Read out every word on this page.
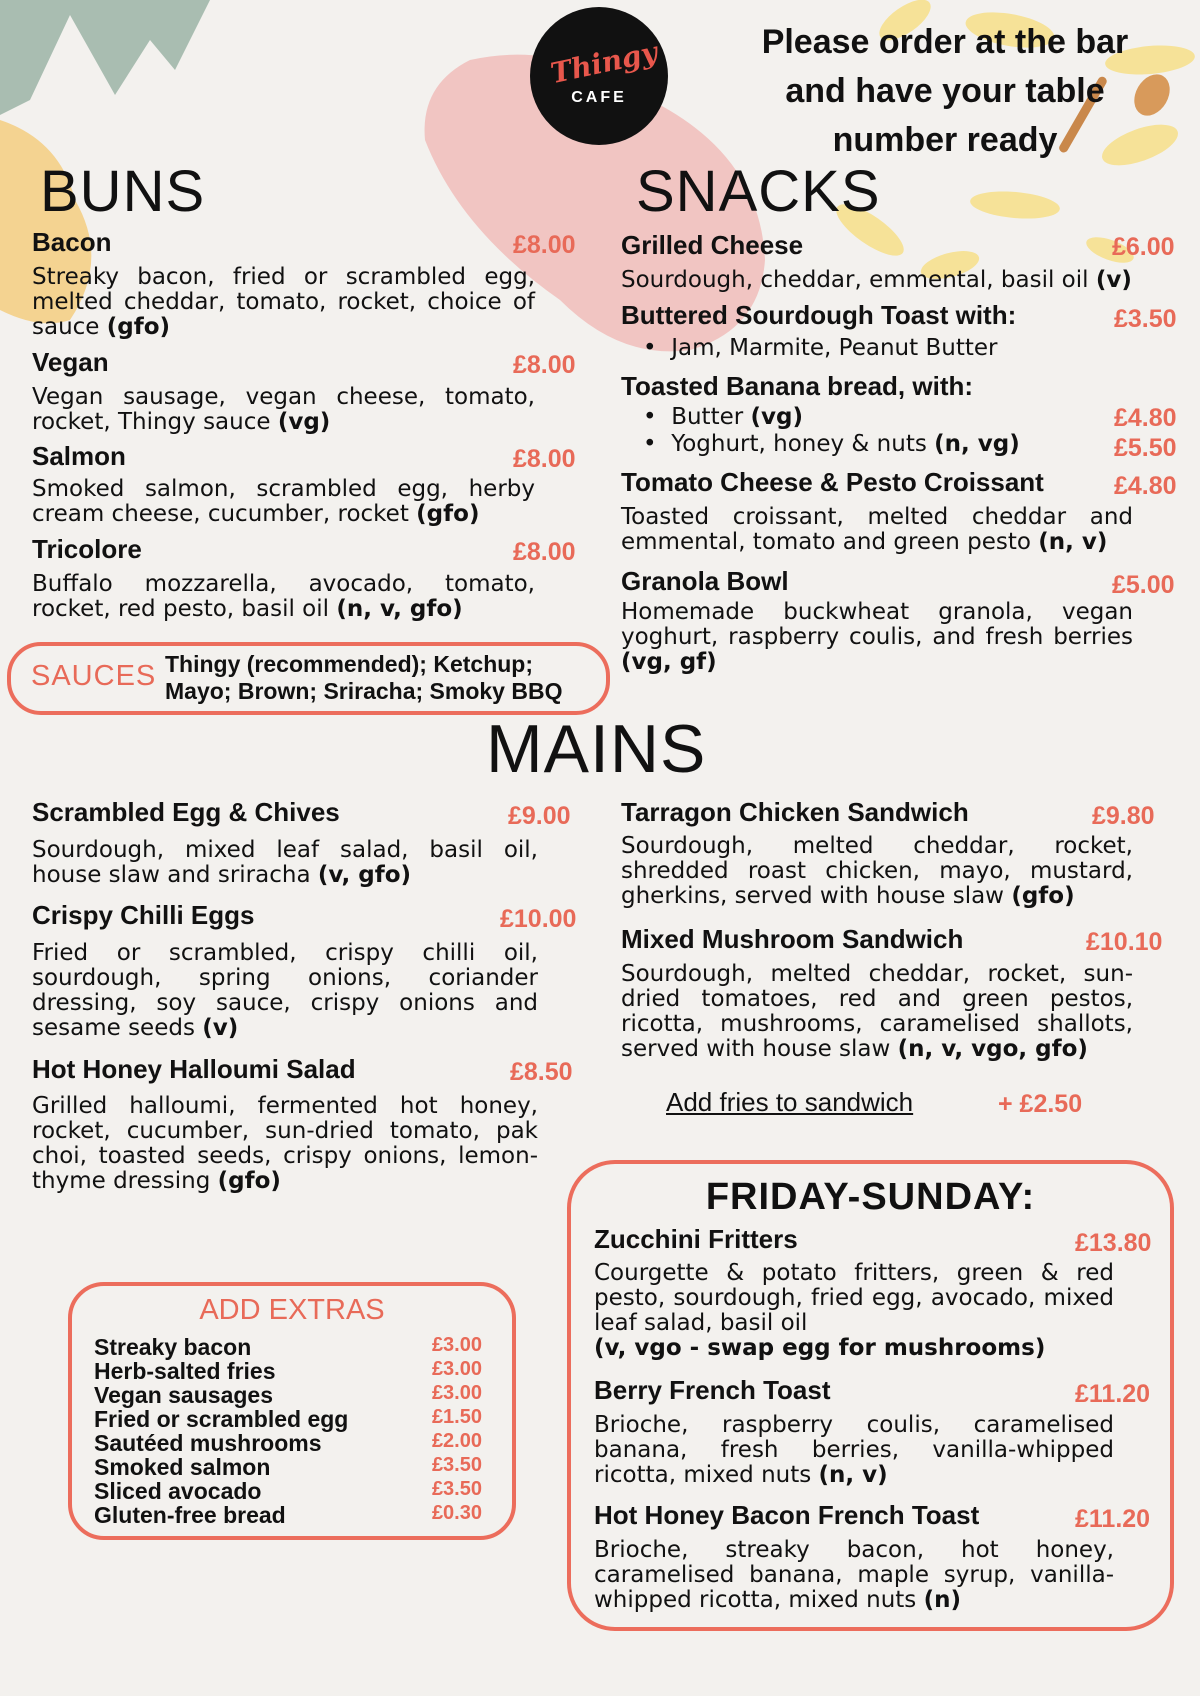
Thingy
CAFE
Please order at the bar and have your table number ready
BUNS
Bacon	£8.00
Streaky bacon, fried or scrambled egg, melted cheddar, tomato, rocket, choice of sauce (gfo)
Vegan	£8.00
Vegan sausage, vegan cheese, tomato, rocket, Thingy sauce (vg)
Salmon	£8.00
Smoked salmon, scrambled egg, herby cream cheese, cucumber, rocket (gfo)
Tricolore	£8.00
Buffalo mozzarella, avocado, tomato, rocket, red pesto, basil oil (n, v, gfo)
SAUCES Thingy (recommended); Ketchup; Mayo; Brown; Sriracha; Smoky BBQ
SNACKS
Grilled Cheese	£6.00
Sourdough, cheddar, emmental, basil oil (v)
Buttered Sourdough Toast with:	£3.50
•  Jam, Marmite, Peanut Butter
Toasted Banana bread, with:
•  Butter (vg)	£4.80
•  Yoghurt, honey & nuts (n, vg)	£5.50
Tomato Cheese & Pesto Croissant	£4.80
Toasted croissant, melted cheddar and emmental, tomato and green pesto (n, v)
Granola Bowl	£5.00
Homemade buckwheat granola, vegan yoghurt, raspberry coulis, and fresh berries (vg, gf)
MAINS
Scrambled Egg & Chives	£9.00
Sourdough, mixed leaf salad, basil oil, house slaw and sriracha (v, gfo)
Crispy Chilli Eggs	£10.00
Fried or scrambled, crispy chilli oil, sourdough, spring onions, coriander dressing, soy sauce, crispy onions and sesame seeds (v)
Hot Honey Halloumi Salad	£8.50
Grilled halloumi, fermented hot honey, rocket, cucumber, sun-dried tomato, pak choi, toasted seeds, crispy onions, lemon-thyme dressing (gfo)
Tarragon Chicken Sandwich	£9.80
Sourdough, melted cheddar, rocket, shredded roast chicken, mayo, mustard, gherkins, served with house slaw (gfo)
Mixed Mushroom Sandwich	£10.10
Sourdough, melted cheddar, rocket, sun-dried tomatoes, red and green pestos, ricotta, mushrooms, caramelised shallots, served with house slaw (n, v, vgo, gfo)
Add fries to sandwich	+ £2.50
ADD EXTRAS
Streaky bacon	£3.00
Herb-salted fries	£3.00
Vegan sausages	£3.00
Fried or scrambled egg	£1.50
Sautéed mushrooms	£2.00
Smoked salmon	£3.50
Sliced avocado	£3.50
Gluten-free bread	£0.30
FRIDAY-SUNDAY:
Zucchini Fritters	£13.80
Courgette & potato fritters, green & red pesto, sourdough, fried egg, avocado, mixed leaf salad, basil oil
(v, vgo - swap egg for mushrooms)
Berry French Toast	£11.20
Brioche, raspberry coulis, caramelised banana, fresh berries, vanilla-whipped ricotta, mixed nuts (n, v)
Hot Honey Bacon French Toast	£11.20
Brioche, streaky bacon, hot honey, caramelised banana, maple syrup, vanilla-whipped ricotta, mixed nuts (n)
